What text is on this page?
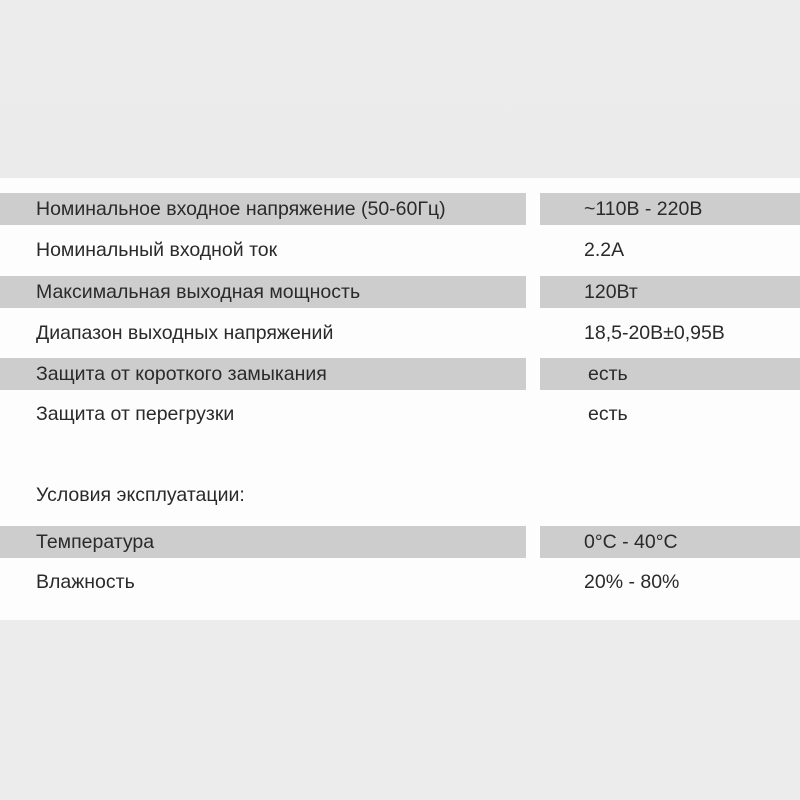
Номинальное входное напряжение (50-60Гц)	~110В - 220В
Номинальный входной ток	2.2А
Максимальная выходная мощность	120Вт
Диапазон выходных напряжений	18,5-20В±0,95В
Защита от короткого замыкания	есть
Защита от перегрузки	есть
Условия эксплуатации:
Температура	0°С - 40°С
Влажность	20% - 80%
